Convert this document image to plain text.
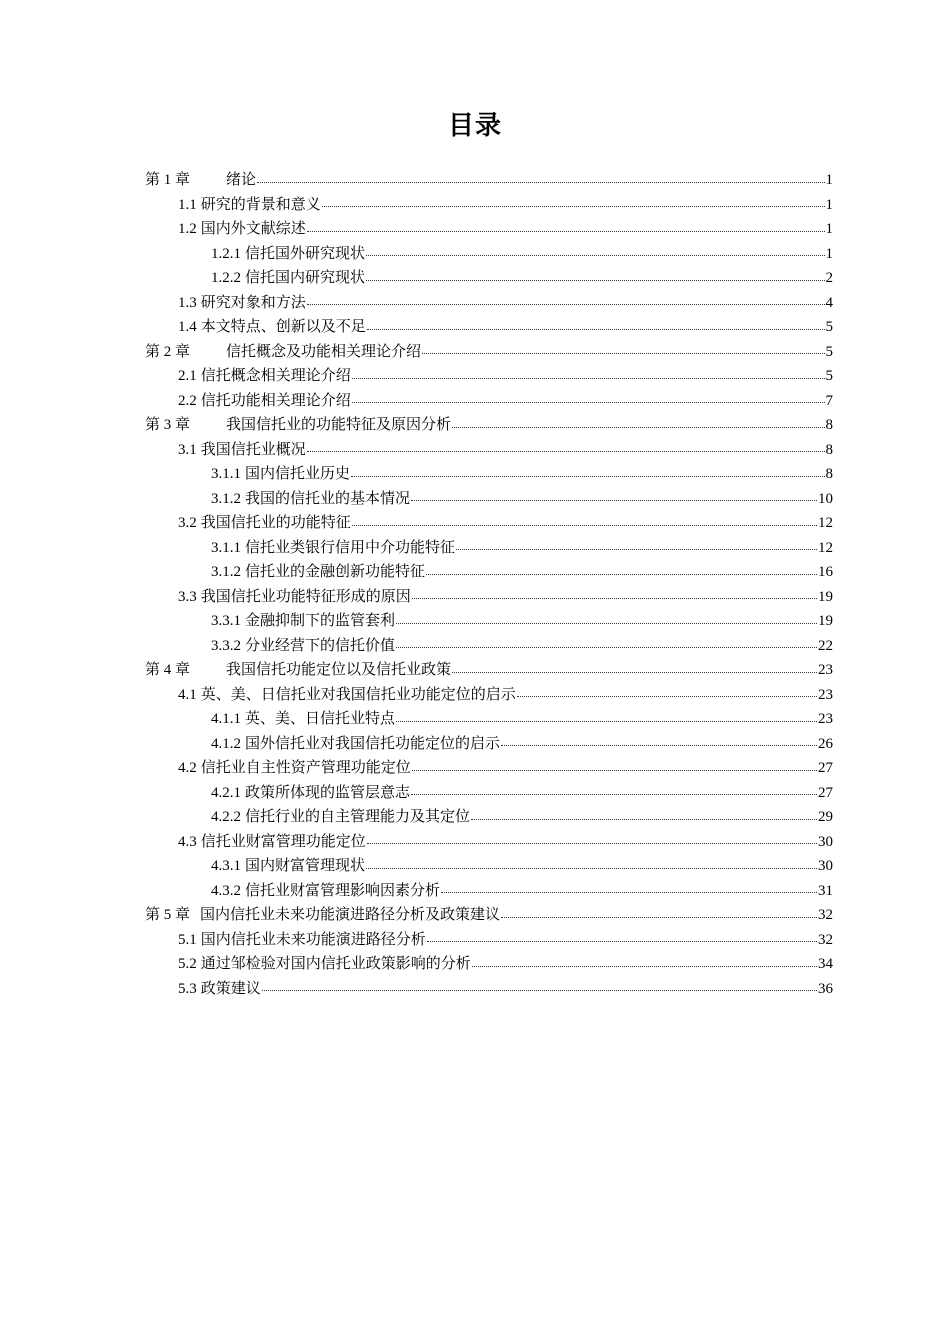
目录
第 1 章 绪论	1
1.1 研究的背景和意义	1
1.2 国内外文献综述	1
1.2.1 信托国外研究现状	1
1.2.2 信托国内研究现状	2
1.3 研究对象和方法	4
1.4 本文特点、创新以及不足	5
第 2 章 信托概念及功能相关理论介绍	5
2.1 信托概念相关理论介绍	5
2.2 信托功能相关理论介绍	7
第 3 章 我国信托业的功能特征及原因分析	8
3.1 我国信托业概况	8
3.1.1 国内信托业历史	8
3.1.2 我国的信托业的基本情况	10
3.2 我国信托业的功能特征	12
3.1.1 信托业类银行信用中介功能特征	12
3.1.2 信托业的金融创新功能特征	16
3.3 我国信托业功能特征形成的原因	19
3.3.1 金融抑制下的监管套利	19
3.3.2 分业经营下的信托价值	22
第 4 章 我国信托功能定位以及信托业政策	23
4.1 英、美、日信托业对我国信托业功能定位的启示	23
4.1.1 英、美、日信托业特点	23
4.1.2 国外信托业对我国信托功能定位的启示	26
4.2 信托业自主性资产管理功能定位	27
4.2.1 政策所体现的监管层意志	27
4.2.2 信托行业的自主管理能力及其定位	29
4.3 信托业财富管理功能定位	30
4.3.1 国内财富管理现状	30
4.3.2 信托业财富管理影响因素分析	31
第 5 章 国内信托业未来功能演进路径分析及政策建议	32
5.1 国内信托业未来功能演进路径分析	32
5.2 通过邹检验对国内信托业政策影响的分析	34
5.3 政策建议	36
